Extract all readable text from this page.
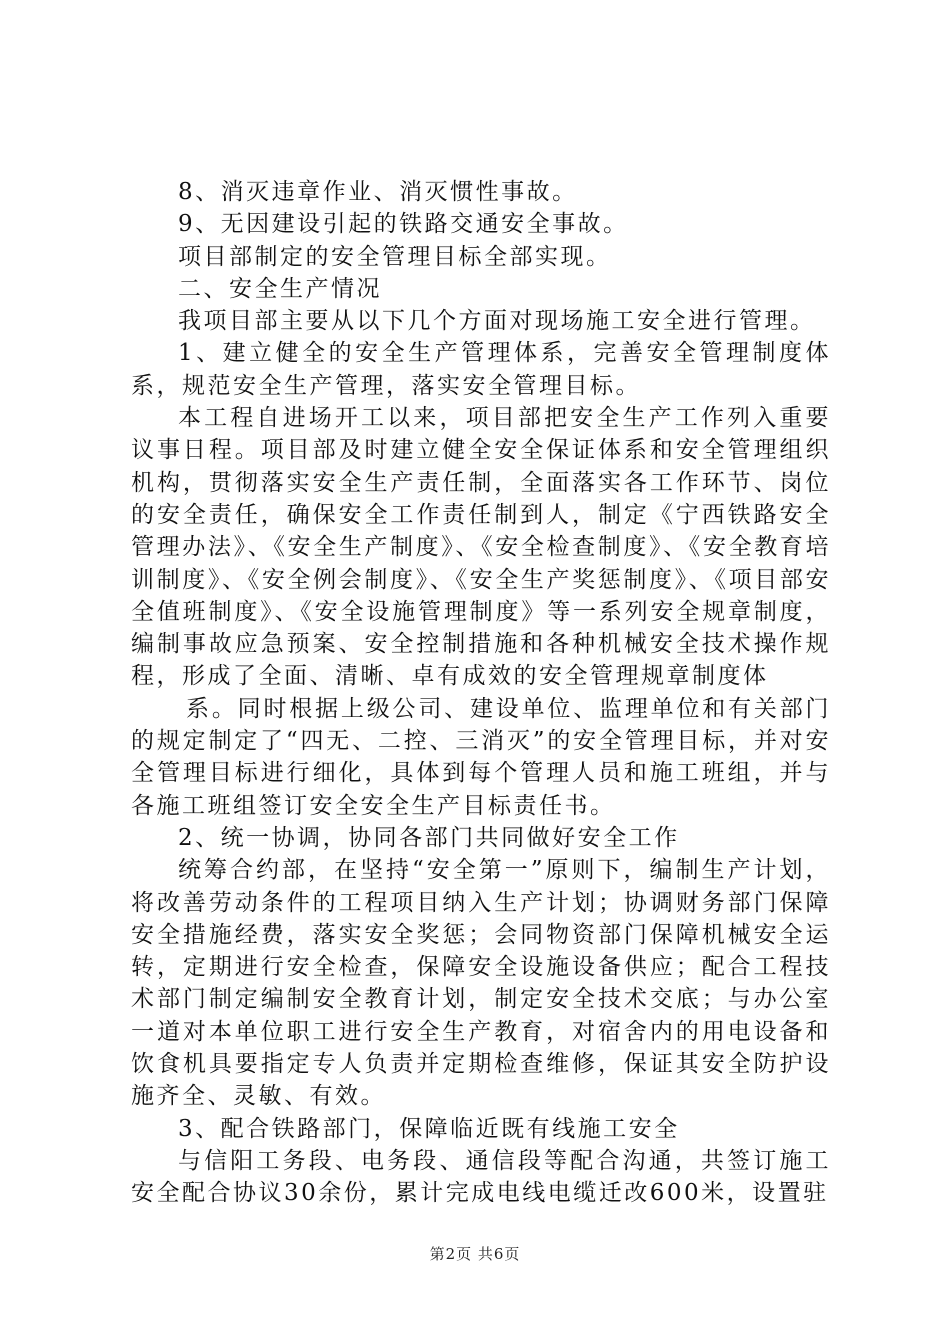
8、消灭违章作业、消灭惯性事故。

9、无因建设引起的铁路交通安全事故。

项目部制定的安全管理目标全部实现。

二、安全生产情况

我项目部主要从以下几个方面对现场施工安全进行管理。

1、建立健全的安全生产管理体系，完善安全管理制度体系，规范安全生产管理，落实安全管理目标。

本工程自进场开工以来，项目部把安全生产工作列入重要议事日程。项目部及时建立健全安全保证体系和安全管理组织机构，贯彻落实安全生产责任制，全面落实各工作环节、岗位的安全责任，确保安全工作责任制到人，制定《宁西铁路安全管理办法》、《安全生产制度》、《安全检查制度》、《安全教育培训制度》、《安全例会制度》、《安全生产奖惩制度》、《项目部安全值班制度》、《安全设施管理制度》等一系列安全规章制度，编制事故应急预案、安全控制措施和各种机械安全技术操作规程，形成了全面、清晰、卓有成效的安全管理规章制度体

系。同时根据上级公司、建设单位、监理单位和有关部门的规定制定了“四无、二控、三消灭”的安全管理目标，并对安全管理目标进行细化，具体到每个管理人员和施工班组，并与各施工班组签订安全安全生产目标责任书。

2、统一协调，协同各部门共同做好安全工作

统筹合约部，在坚持“安全第一”原则下，编制生产计划，将改善劳动条件的工程项目纳入生产计划；协调财务部门保障安全措施经费，落实安全奖惩；会同物资部门保障机械安全运转，定期进行安全检查，保障安全设施设备供应；配合工程技术部门制定编制安全教育计划，制定安全技术交底；与办公室一道对本单位职工进行安全生产教育，对宿舍内的用电设备和饮食机具要指定专人负责并定期检查维修，保证其安全防护设施齐全、灵敏、有效。

3、配合铁路部门，保障临近既有线施工安全

与信阳工务段、电务段、通信段等配合沟通，共签订施工安全配合协议30余份，累计完成电线电缆迁改600米，设置驻

第2页 共6页
